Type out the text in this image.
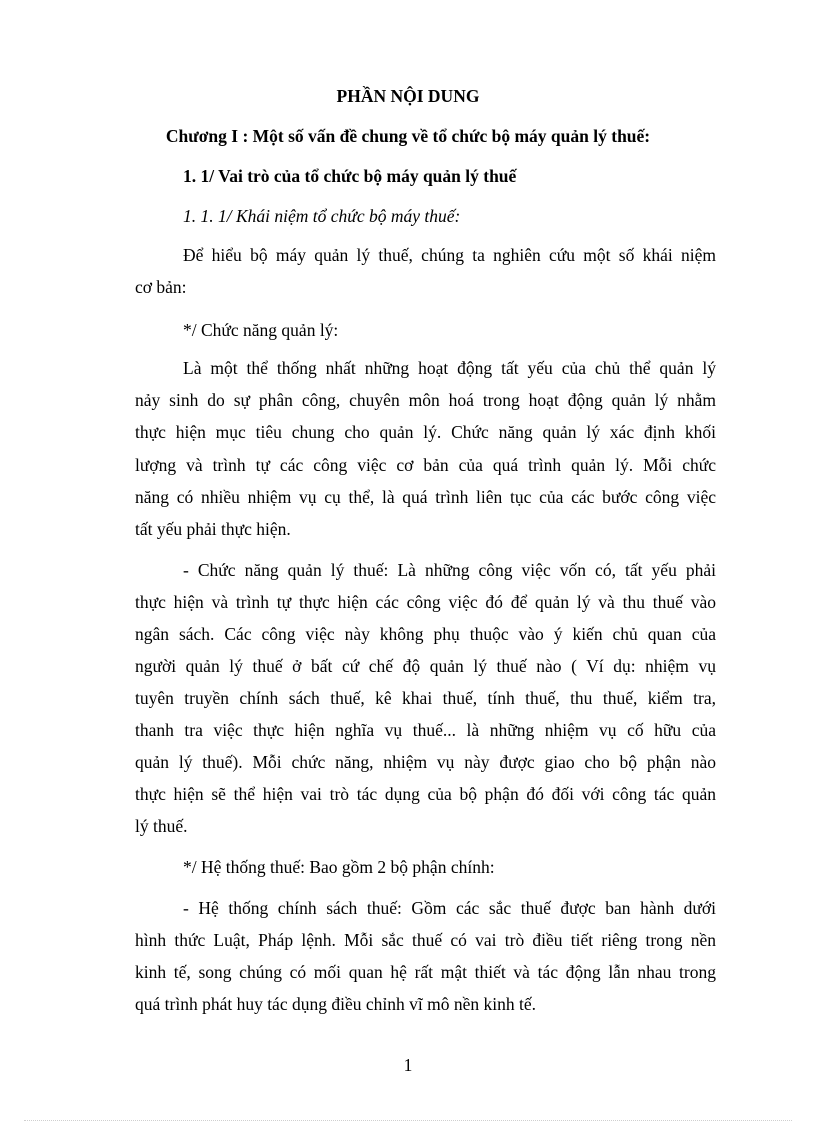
PHẦN NỘI DUNG
Chương I : Một số vấn đề chung về tổ chức bộ máy quản lý thuế:
1. 1/ Vai trò của tổ chức bộ máy quản lý thuế
1. 1. 1/ Khái niệm tổ chức bộ máy thuế:
Để hiểu bộ máy quản lý thuế, chúng ta nghiên cứu một số khái niệm
cơ bản:
*/ Chức năng quản lý:
Là một thể thống nhất những hoạt động tất yếu của chủ thể quản lý
nảy sinh do sự phân công, chuyên môn hoá trong hoạt động quản lý nhằm
thực hiện mục tiêu chung cho quản lý. Chức năng quản lý xác định khối
lượng và trình tự các công việc cơ bản của quá trình quản lý. Mỗi chức
năng có nhiều nhiệm vụ cụ thể, là quá trình liên tục của các bước công việc
tất yếu phải thực hiện.
- Chức năng quản lý thuế: Là những công việc vốn có, tất yếu phải
thực hiện và trình tự thực hiện các công việc đó để quản lý và thu thuế vào
ngân sách. Các công việc này không phụ thuộc vào ý kiến chủ quan của
người quản lý thuế ở bất cứ chế độ quản lý thuế nào ( Ví dụ: nhiệm vụ
tuyên truyền chính sách thuế, kê khai thuế, tính thuế, thu thuế, kiểm tra,
thanh tra việc thực hiện nghĩa vụ thuế... là những nhiệm vụ cố hữu của
quản lý thuế). Mỗi chức năng, nhiệm vụ này được giao cho bộ phận nào
thực hiện sẽ thể hiện vai trò tác dụng của bộ phận đó đối với công tác quản
lý thuế.
*/ Hệ thống thuế: Bao gồm 2 bộ phận chính:
- Hệ thống chính sách thuế: Gồm các sắc thuế được ban hành dưới
hình thức Luật, Pháp lệnh. Mỗi sắc thuế có vai trò điều tiết riêng trong nền
kinh tế, song chúng có mối quan hệ rất mật thiết và tác động lẫn nhau trong
quá trình phát huy tác dụng điều chỉnh vĩ mô nền kinh tế.
1
